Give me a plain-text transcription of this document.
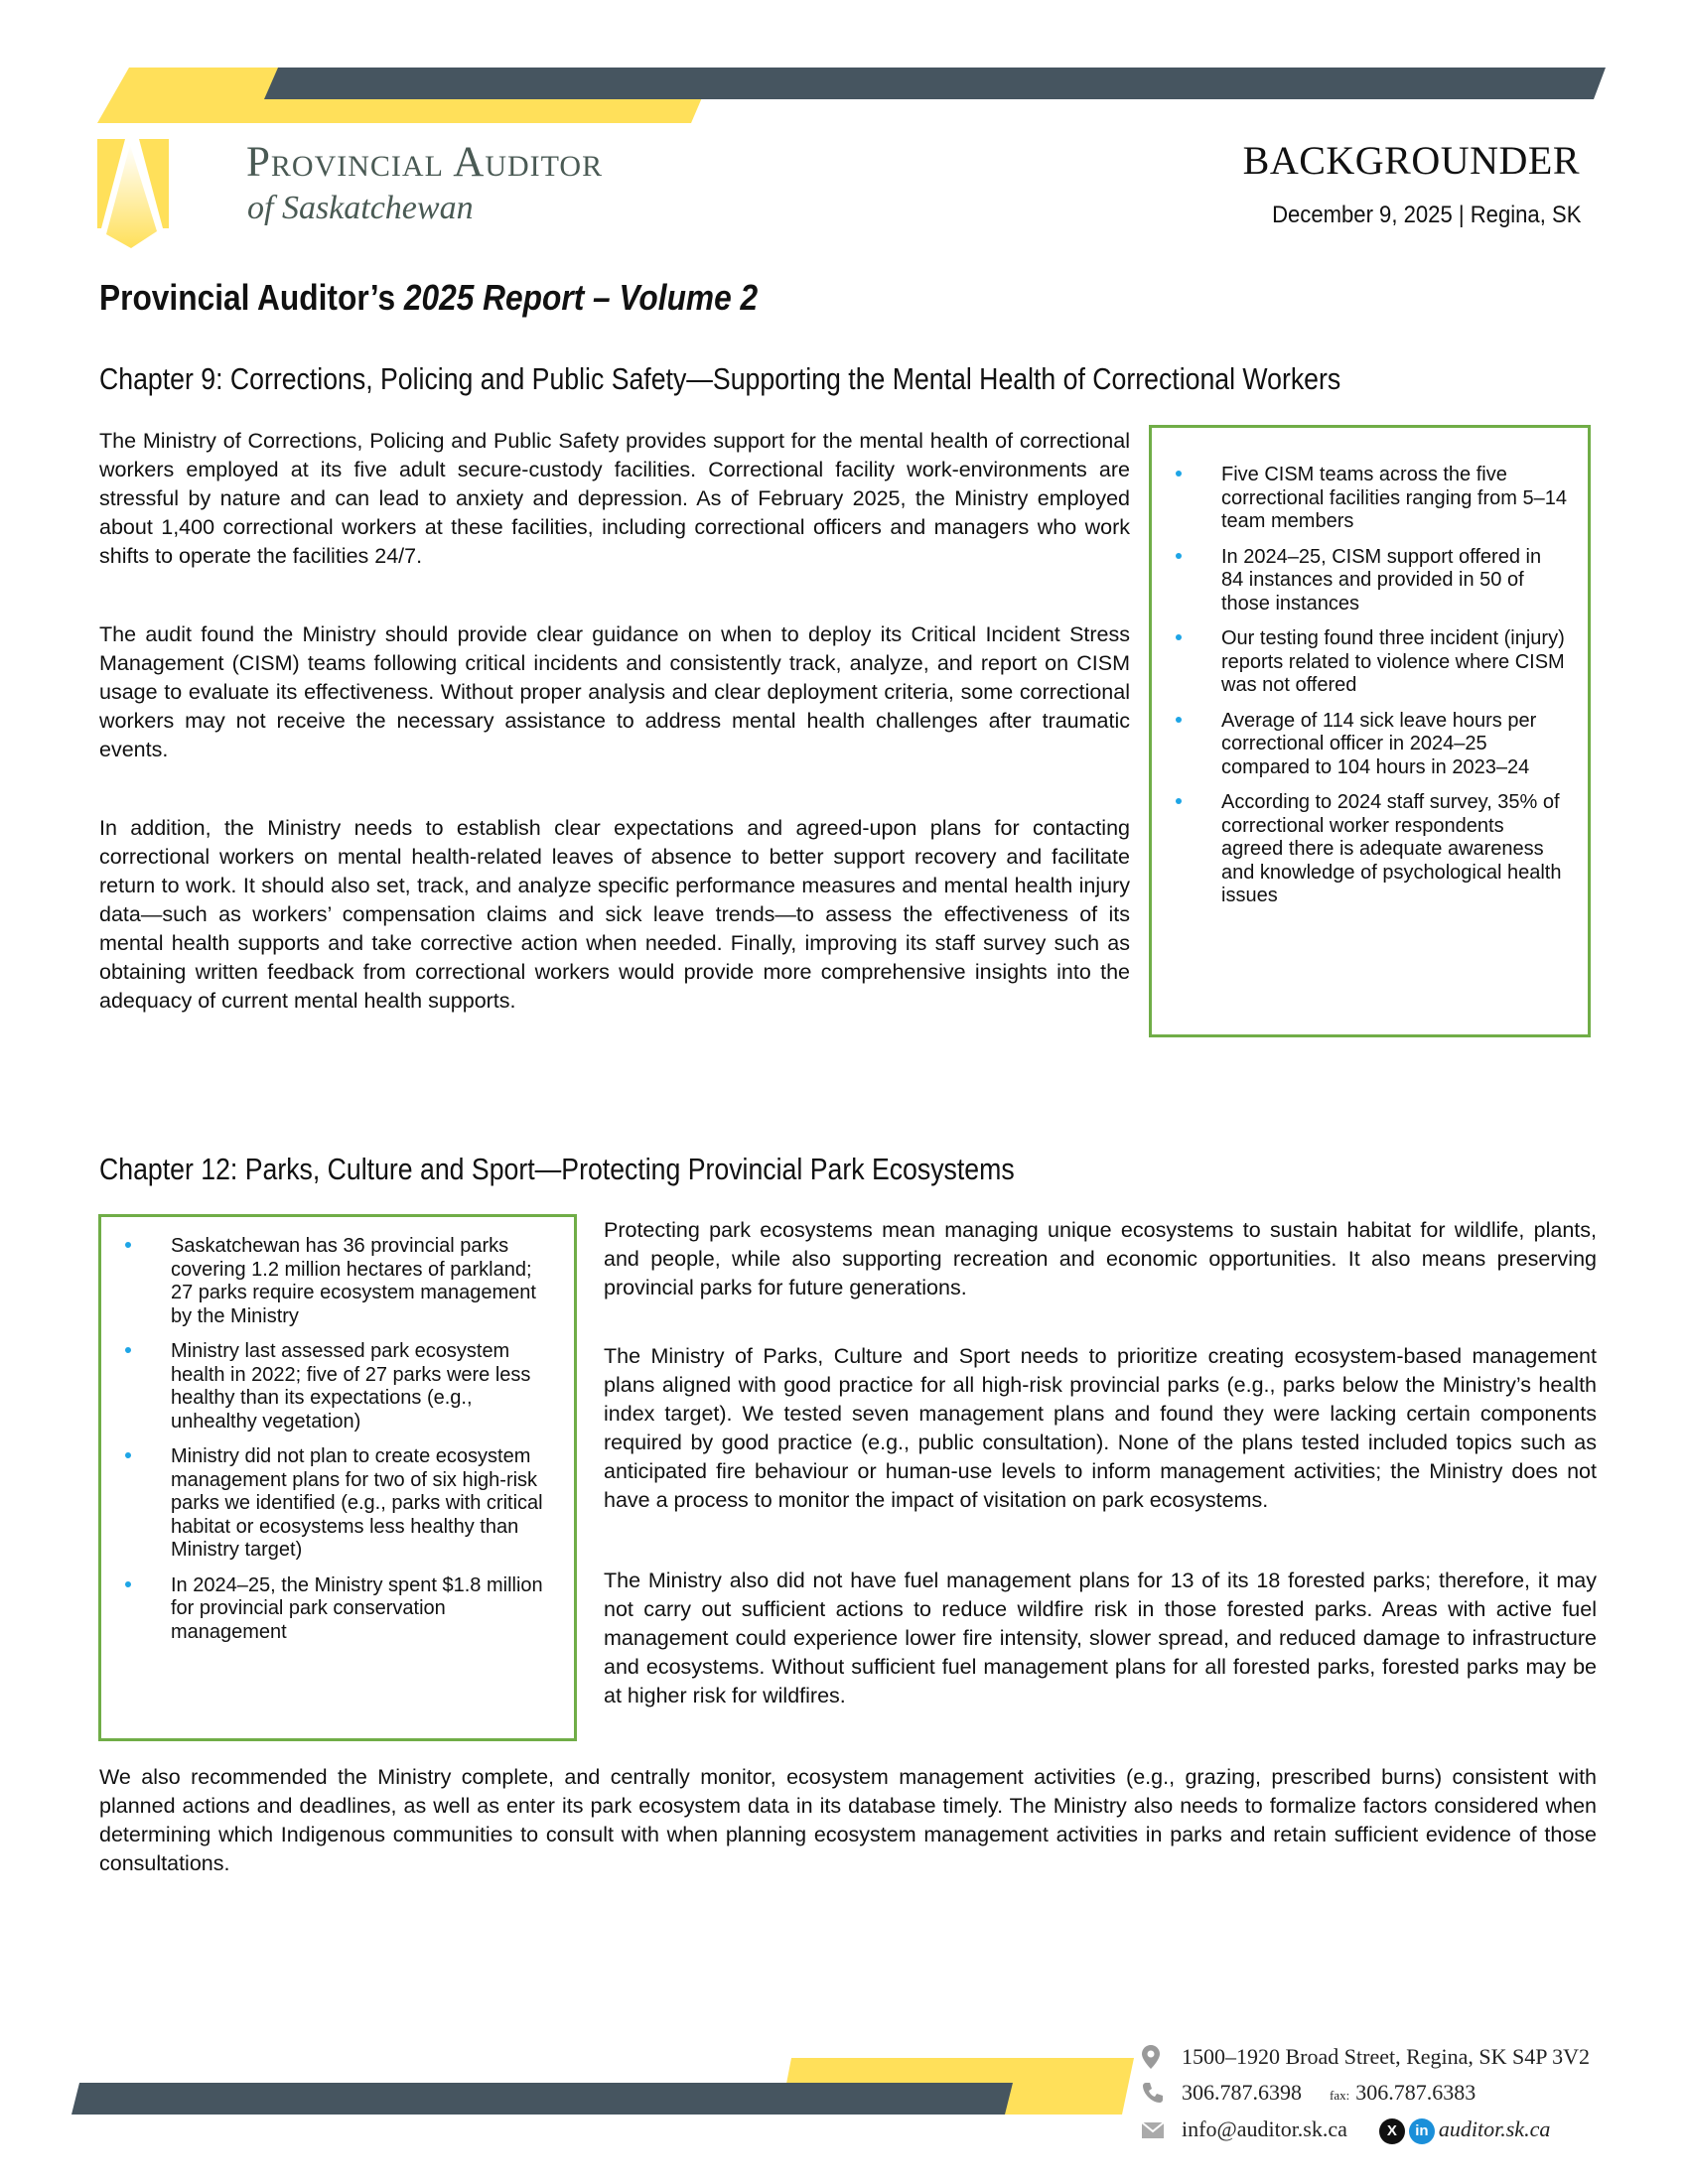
Provincial Auditor
of Saskatchewan
BACKGROUNDER
December 9, 2025 | Regina, SK
Provincial Auditor’s 2025 Report – Volume 2
Chapter 9: Corrections, Policing and Public Safety—Supporting the Mental Health of Correctional Workers

The Ministry of Corrections, Policing and Public Safety provides support for the mental health of correctional workers employed at its five adult secure-custody facilities. Correctional facility work-environments are stressful by nature and can lead to anxiety and depression. As of February 2025, the Ministry employed about 1,400 correctional workers at these facilities, including correctional officers and managers who work shifts to operate the facilities 24/7.

The audit found the Ministry should provide clear guidance on when to deploy its Critical Incident Stress Management (CISM) teams following critical incidents and consistently track, analyze, and report on CISM usage to evaluate its effectiveness. Without proper analysis and clear deployment criteria, some correctional workers may not receive the necessary assistance to address mental health challenges after traumatic events.

In addition, the Ministry needs to establish clear expectations and agreed-upon plans for contacting correctional workers on mental health-related leaves of absence to better support recovery and facilitate return to work. It should also set, track, and analyze specific performance measures and mental health injury data—such as workers’ compensation claims and sick leave trends—to assess the effectiveness of its mental health supports and take corrective action when needed. Finally, improving its staff survey such as obtaining written feedback from correctional workers would provide more comprehensive insights into the adequacy of current mental health supports.

Five CISM teams across the five correctional facilities ranging from 5–14 team members
In 2024–25, CISM support offered in 84 instances and provided in 50 of those instances
Our testing found three incident (injury) reports related to violence where CISM was not offered
Average of 114 sick leave hours per correctional officer in 2024–25 compared to 104 hours in 2023–24
According to 2024 staff survey, 35% of correctional worker respondents agreed there is adequate awareness and knowledge of psychological health issues
Chapter 12: Parks, Culture and Sport—Protecting Provincial Park Ecosystems
Saskatchewan has 36 provincial parks covering 1.2 million hectares of parkland; 27 parks require ecosystem management by the Ministry
Ministry last assessed park ecosystem health in 2022; five of 27 parks were less healthy than its expectations (e.g., unhealthy vegetation)
Ministry did not plan to create ecosystem management plans for two of six high-risk parks we identified (e.g., parks with critical habitat or ecosystems less healthy than Ministry target)
In 2024–25, the Ministry spent $1.8 million for provincial park conservation management

Protecting park ecosystems mean managing unique ecosystems to sustain habitat for wildlife, plants, and people, while also supporting recreation and economic opportunities. It also means preserving provincial parks for future generations.

The Ministry of Parks, Culture and Sport needs to prioritize creating ecosystem-based management plans aligned with good practice for all high-risk provincial parks (e.g., parks below the Ministry’s health index target). We tested seven management plans and found they were lacking certain components required by good practice (e.g., public consultation). None of the plans tested included topics such as anticipated fire behaviour or human-use levels to inform management activities; the Ministry does not have a process to monitor the impact of visitation on park ecosystems.

The Ministry also did not have fuel management plans for 13 of its 18 forested parks; therefore, it may not carry out sufficient actions to reduce wildfire risk in those forested parks. Areas with active fuel management could experience lower fire intensity, slower spread, and reduced damage to infrastructure and ecosystems. Without sufficient fuel management plans for all forested parks, forested parks may be at higher risk for wildfires.

We also recommended the Ministry complete, and centrally monitor, ecosystem management activities (e.g., grazing, prescribed burns) consistent with planned actions and deadlines, as well as enter its park ecosystem data in its database timely. The Ministry also needs to formalize factors considered when determining which Indigenous communities to consult with when planning ecosystem management activities in parks and retain sufficient evidence of those consultations.

1500–1920 Broad Street, Regina, SK S4P 3V2
306.787.6398 fax: 306.787.6383
info@auditor.sk.ca	X in auditor.sk.ca
